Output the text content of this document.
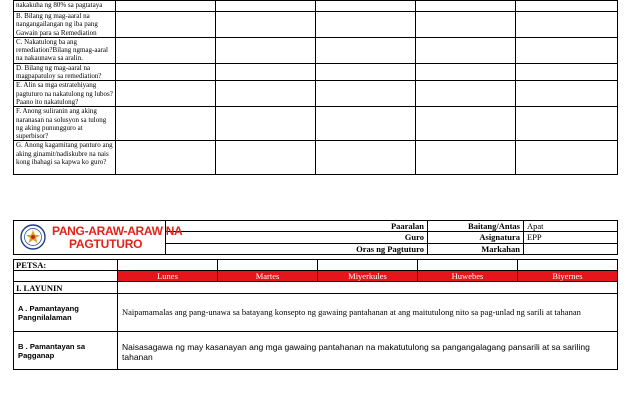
nakakuha ng 80% sa pagtataya					
B. Bilang ng mag-aaral na nangangailangan ng iba pang Gawain para sa Remediation					
C. Nakatulong ba ang remediation?Bilang ngmag-aaral na nakaunawa sa aralin.					
D. Bilang ng mag-aaral na magpapatuloy sa remediation?					
E. Alin sa mga estratehiyang pagtuturo na nakatulong ng lubos? Paano ito nakatulong?					
F. Anong suliranin ang aking naranasan na solusyon sa tulong ng aking punungguro at superbisor?					
G. Anong kagamitang panturo ang aking ginamit/nadiskubre na nais kong ibahagi sa kapwa ko guro?					
PANG-ARAW-ARAW NA
PAGTUTURO	Paaralan	Baitang/Antas	Apat
	Guro	Asignatura	EPP
	Oras ng Pagtuturo	Markahan	
PETSA:					
	Lunes	Martes	Miyerkules	Huwebes	Biyernes
I. LAYUNIN					
A . Pamantayang Pangnilalaman	Naipamamalas ang pang-unawa sa batayang konsepto ng gawaing pantahanan at ang maitutulong nito sa pag-unlad ng sarili at tahanan				
B . Pamantayan sa Pagganap	Naisasagawa ng may kasanayan ang mga gawaing pantahanan na makatutulong sa pangangalagang pansarili at sa sariling tahanan				
